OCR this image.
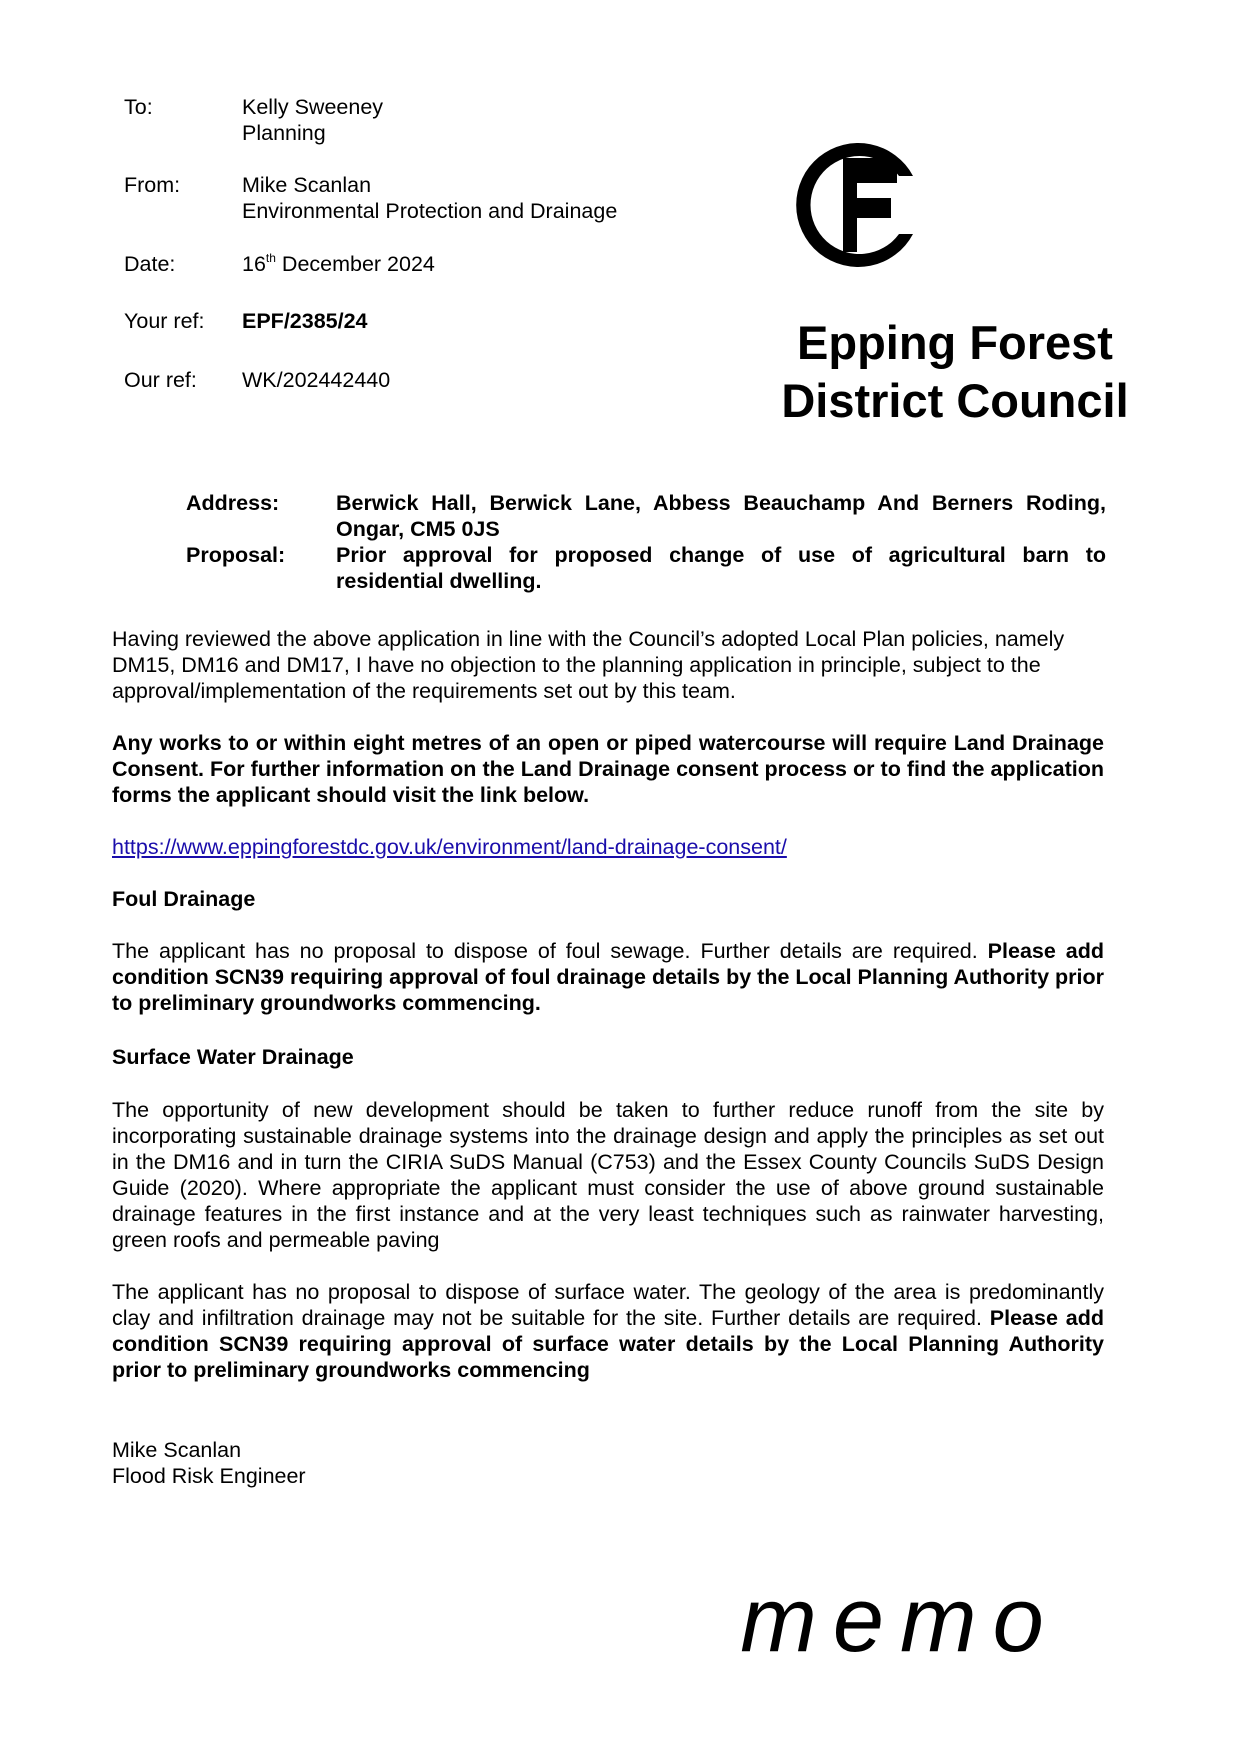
To:	Kelly Sweeney
Planning
From:	Mike Scanlan
Environmental Protection and Drainage
Date:	16th December 2024
Your ref:	EPF/2385/24
Our ref:	WK/202442440
Epping Forest
District Council
Address:	Berwick Hall, Berwick Lane, Abbess Beauchamp And Berners Roding, Ongar, CM5 0JS
Proposal:	Prior approval for proposed change of use of agricultural barn to residential dwelling.
Having reviewed the above application in line with the Council’s adopted Local Plan policies, namely DM15, DM16 and DM17, I have no objection to the planning application in principle, subject to the approval/implementation of the requirements set out by this team.
Any works to or within eight metres of an open or piped watercourse will require Land Drainage Consent. For further information on the Land Drainage consent process or to find the application forms the applicant should visit the link below.
https://www.eppingforestdc.gov.uk/environment/land-drainage-consent/
Foul Drainage
The applicant has no proposal to dispose of foul sewage. Further details are required. Please add condition SCN39 requiring approval of foul drainage details by the Local Planning Authority prior to preliminary groundworks commencing.
Surface Water Drainage
The opportunity of new development should be taken to further reduce runoff from the site by incorporating sustainable drainage systems into the drainage design and apply the principles as set out in the DM16 and in turn the CIRIA SuDS Manual (C753) and the Essex County Councils SuDS Design Guide (2020). Where appropriate the applicant must consider the use of above ground sustainable drainage features in the first instance and at the very least techniques such as rainwater harvesting, green roofs and permeable paving
The applicant has no proposal to dispose of surface water. The geology of the area is predominantly clay and infiltration drainage may not be suitable for the site. Further details are required. Please add condition SCN39 requiring approval of surface water details by the Local Planning Authority prior to preliminary groundworks commencing
Mike Scanlan
Flood Risk Engineer
memo
